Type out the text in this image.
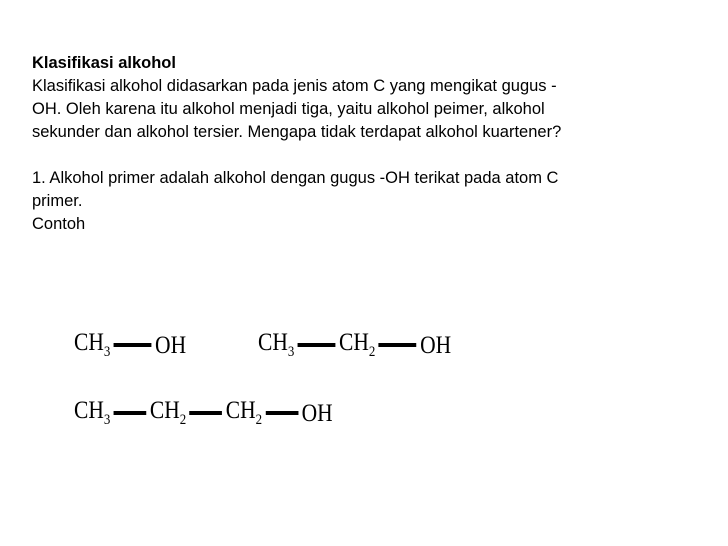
Klasifikasi alkohol
Klasifikasi alkohol didasarkan pada jenis atom C yang mengikat gugus -
OH. Oleh karena itu alkohol menjadi tiga, yaitu alkohol peimer, alkohol
sekunder dan alkohol tersier. Mengapa tidak terdapat alkohol kuartener?
1. Alkohol primer adalah alkohol dengan gugus -OH terikat pada atom C
primer.
Contoh
$CH_3$ OH	$CH_3$ $CH_2$ OH
$CH_3$ $CH_2$ $CH_2$ OH
